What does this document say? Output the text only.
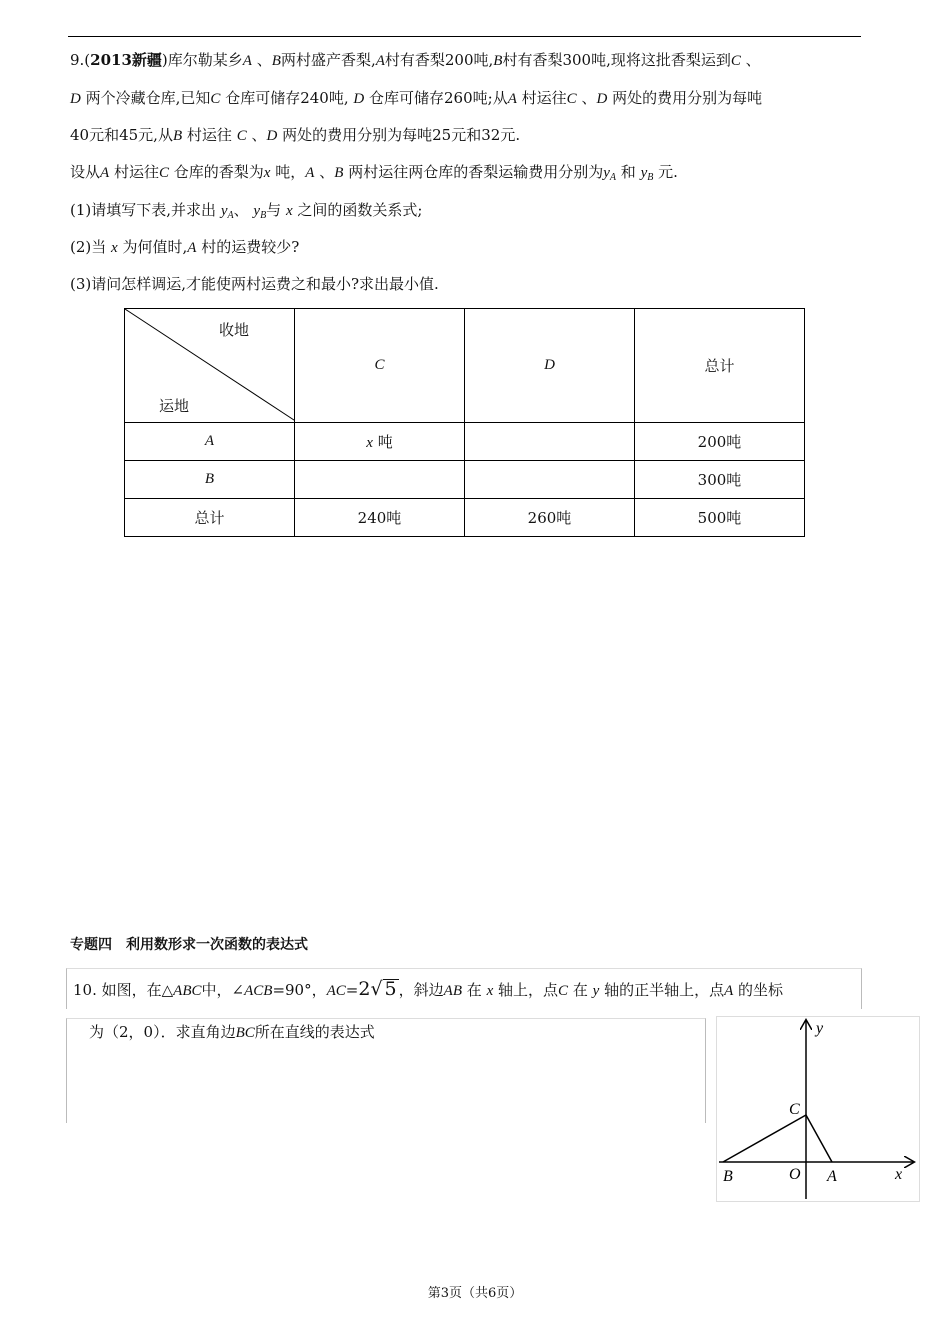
9.(2013新疆)库尔勒某乡A 、B两村盛产香梨,A村有香梨200吨,B村有香梨300吨,现将这批香梨运到C 、
D 两个冷藏仓库,已知C 仓库可储存240吨, D 仓库可储存260吨;从A 村运往C 、D 两处的费用分别为每吨
40元和45元,从B 村运往 C 、D 两处的费用分别为每吨25元和32元.
设从A 村运往C 仓库的香梨为x 吨，A 、B 两村运往两仓库的香梨运输费用分别为$y_A$ 和 $y_B$ 元.
(1)请填写下表,并求出 $y_A$、 $y_B$与 x 之间的函数关系式;
(2)当 x 为何值时,A 村的运费较少?
(3)请问怎样调运,才能使两村运费之和最小?求出最小值.
收地
运地	C	D	总计
A	x 吨		200吨
B			300吨
总计	240吨	260吨	500吨
专题四　利用数形求一次函数的表达式
10. 如图，在△ABC中，∠ACB=90°，AC=2√ 5 ，斜边AB 在 x 轴上，点C 在 y 轴的正半轴上，点A 的坐标
为（2，0）．求直角边BC所在直线的表达式	y
x
C
B	O A
第3页（共6页）
